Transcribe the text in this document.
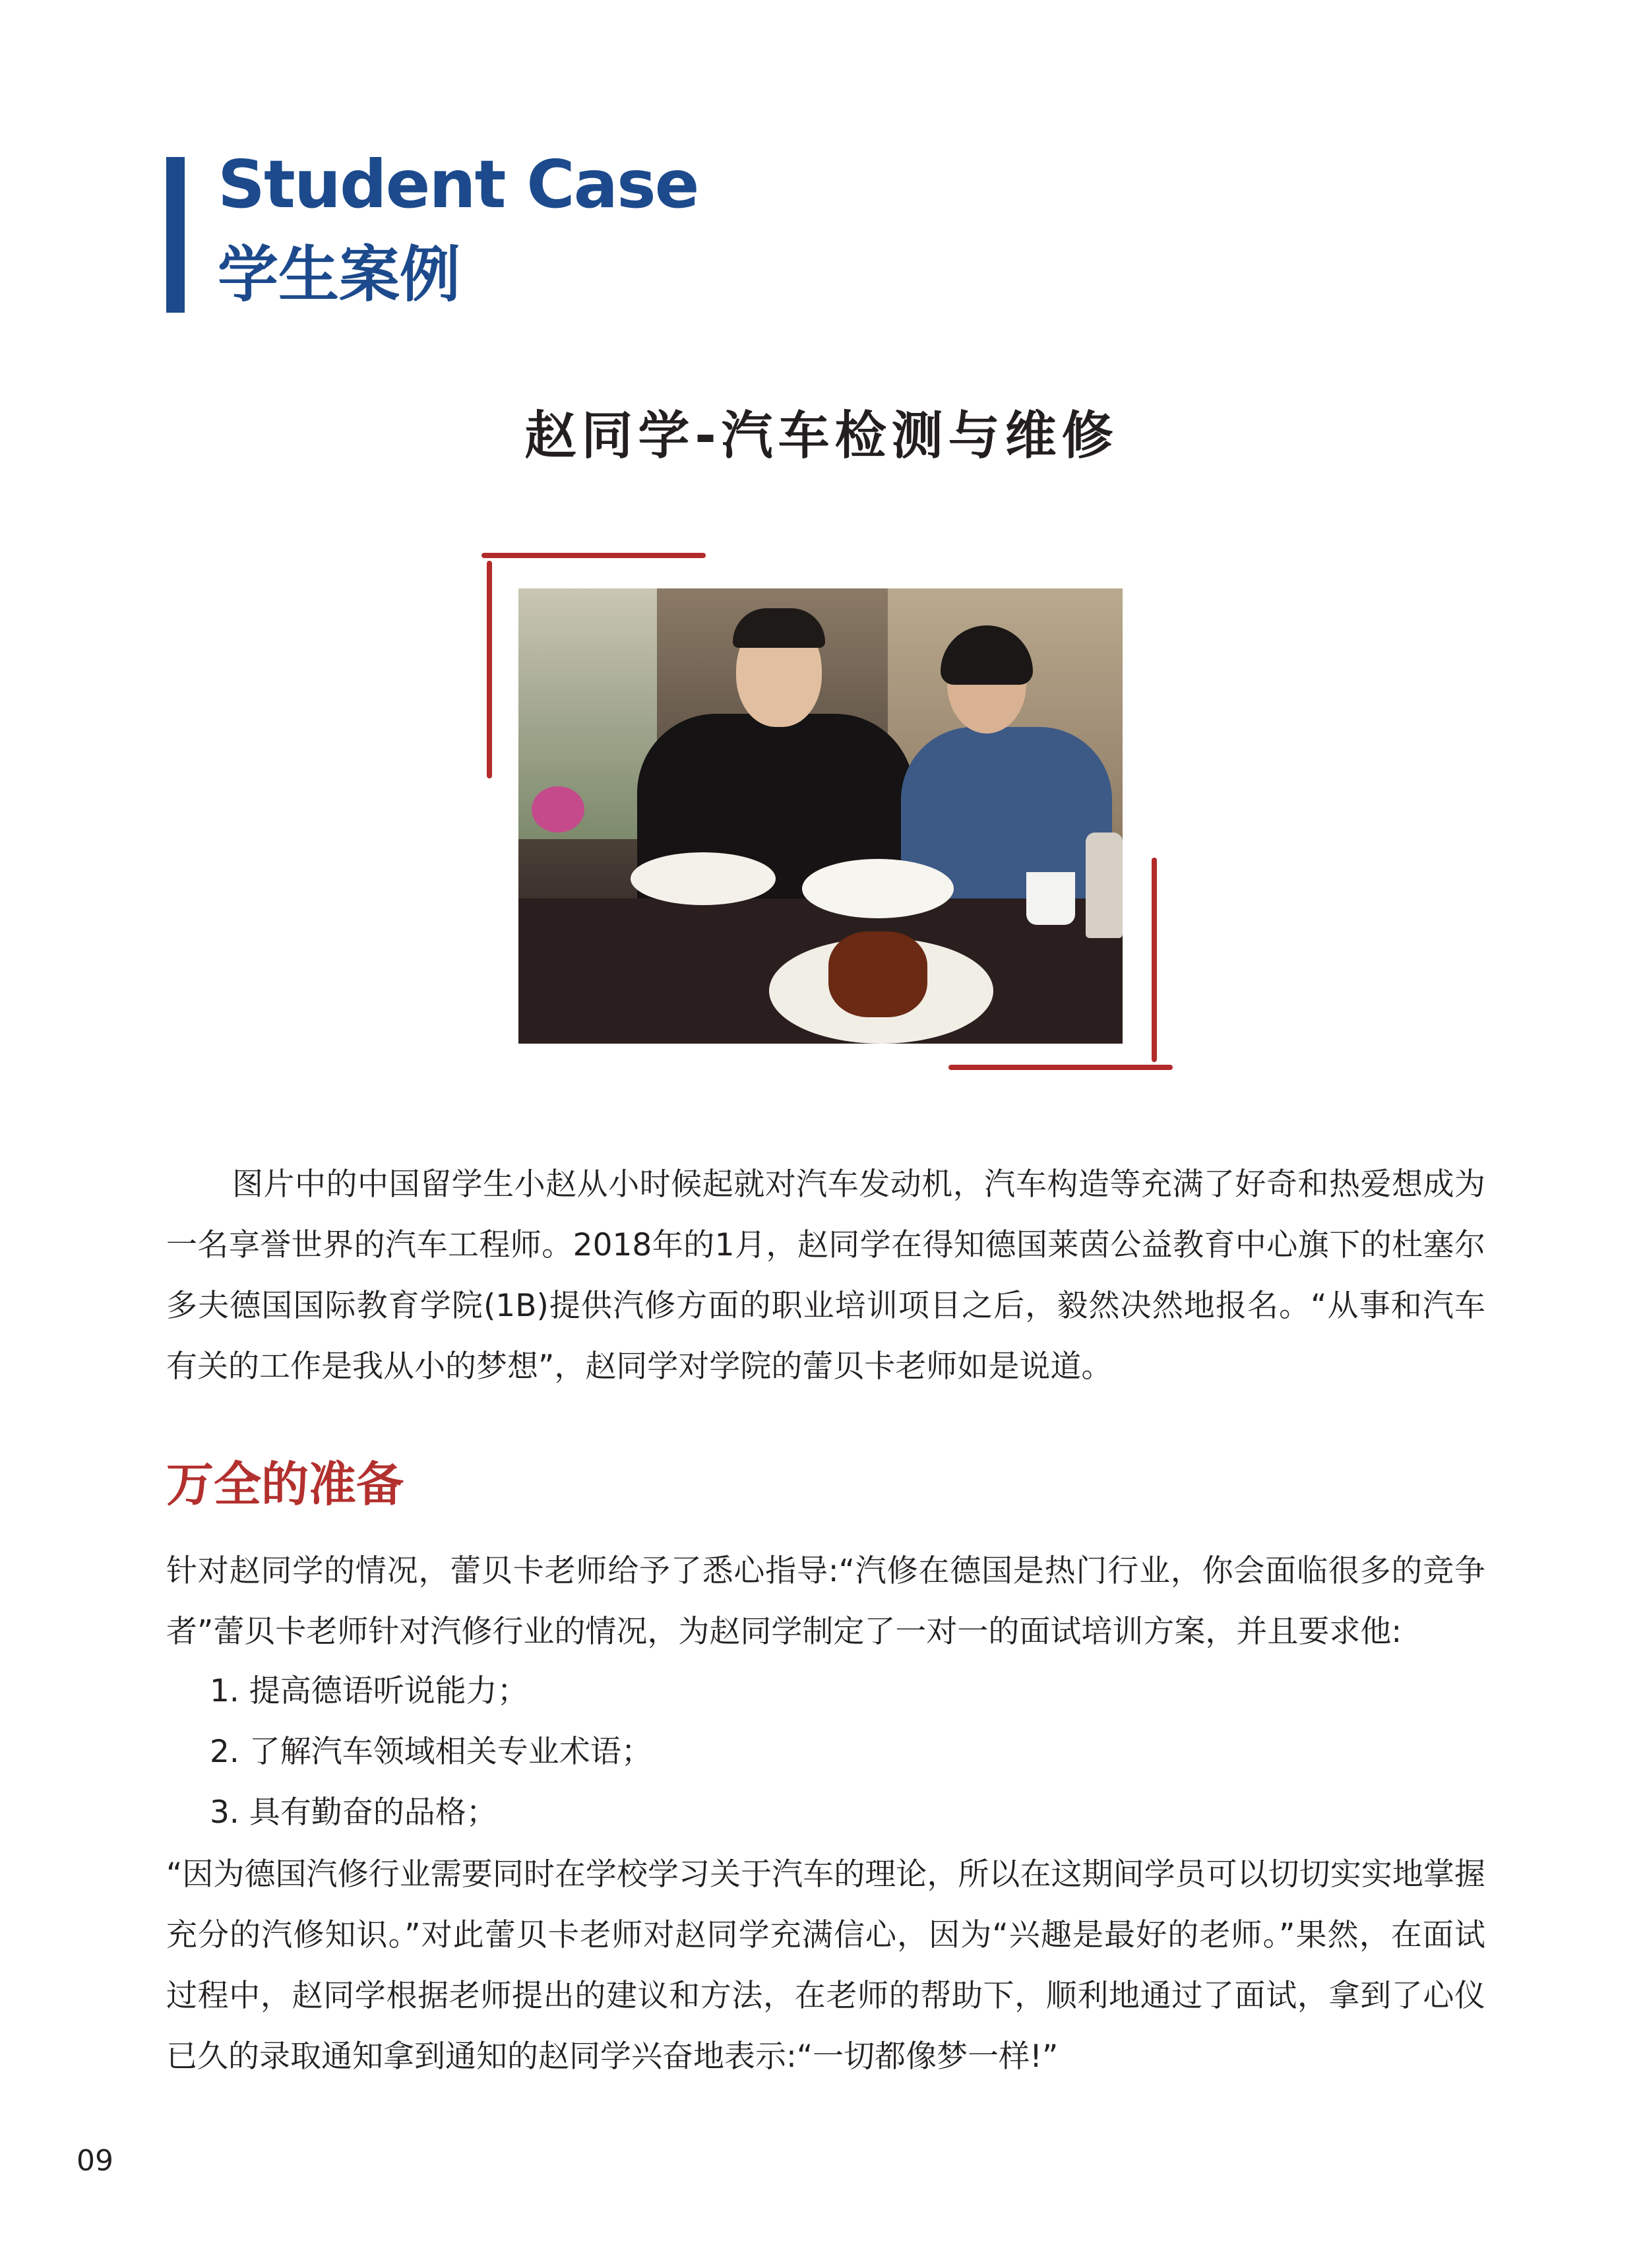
Student Case
学生案例
赵同学-汽车检测与维修

图片中的中国留学生小赵从小时候起就对汽车发动机，汽车构造等充满了好奇和热爱想成为一名享誉世界的汽车工程师。2018年的1月，赵同学在得知德国莱茵公益教育中心旗下的杜塞尔多夫德国国际教育学院(1B)提供汽修方面的职业培训项目之后，毅然决然地报名。“从事和汽车有关的工作是我从小的梦想”，赵同学对学院的蕾贝卡老师如是说道。

万全的准备

针对赵同学的情况，蕾贝卡老师给予了悉心指导:“汽修在德国是热门行业，你会面临很多的竞争者”蕾贝卡老师针对汽修行业的情况，为赵同学制定了一对一的面试培训方案，并且要求他:

1. 提高德语听说能力；
2. 了解汽车领域相关专业术语；
3. 具有勤奋的品格；

“因为德国汽修行业需要同时在学校学习关于汽车的理论，所以在这期间学员可以切切实实地掌握充分的汽修知识。”对此蕾贝卡老师对赵同学充满信心，因为“兴趣是最好的老师。”果然，在面试过程中，赵同学根据老师提出的建议和方法，在老师的帮助下，顺利地通过了面试，拿到了心仪已久的录取通知拿到通知的赵同学兴奋地表示:“一切都像梦一样!”

09
